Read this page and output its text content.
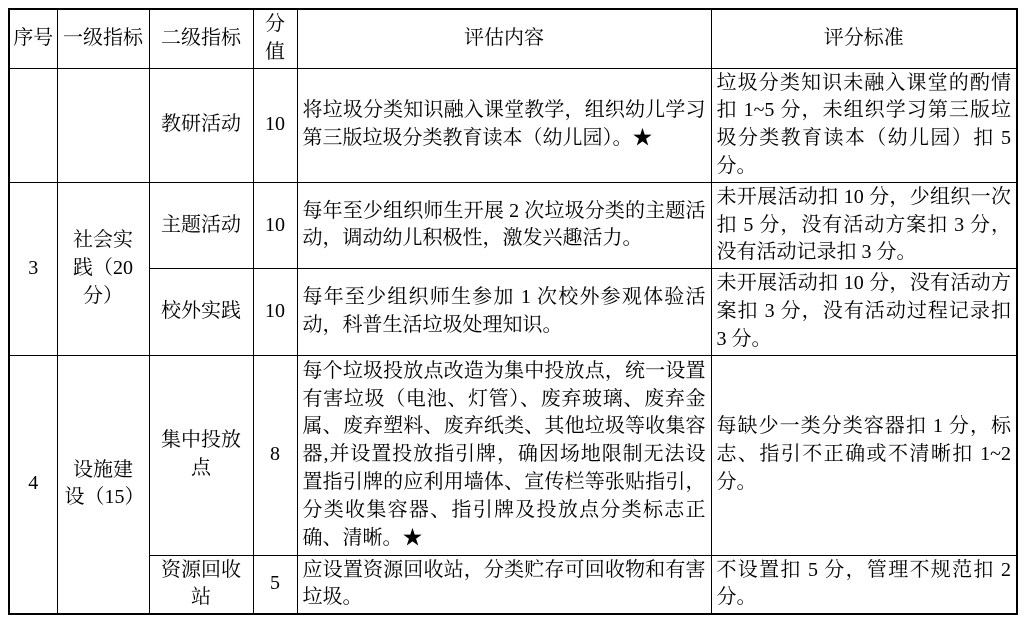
序号	一级指标	二级指标	分值	评估内容	评分标准
		教研活动	10	将垃圾分类知识融入课堂教学，组织幼儿学习第三版垃圾分类教育读本（幼儿园）。★	垃圾分类知识未融入课堂的酌情扣 1~5 分，未组织学习第三版垃圾分类教育读本（幼儿园）扣 5 分。
3	社会实践（20分）	主题活动	10	每年至少组织师生开展 2 次垃圾分类的主题活动，调动幼儿积极性，激发兴趣活力。	未开展活动扣 10 分，少组织一次扣 5 分，没有活动方案扣 3 分，没有活动记录扣 3 分。
		校外实践	10	每年至少组织师生参加 1 次校外参观体验活动，科普生活垃圾处理知识。	未开展活动扣 10 分，没有活动方案扣 3 分，没有活动过程记录扣 3 分。
4	设施建设（15）	集中投放点	8	每个垃圾投放点改造为集中投放点，统一设置有害垃圾（电池、灯管）、废弃玻璃、废弃金属、废弃塑料、废弃纸类、其他垃圾等收集容器,并设置投放指引牌，确因场地限制无法设置指引牌的应利用墙体、宣传栏等张贴指引，分类收集容器、指引牌及投放点分类标志正确、清晰。★	每缺少一类分类容器扣 1 分，标志、指引不正确或不清晰扣 1~2 分。
		资源回收站	5	应设置资源回收站，分类贮存可回收物和有害垃圾。	不设置扣 5 分，管理不规范扣 2 分。
